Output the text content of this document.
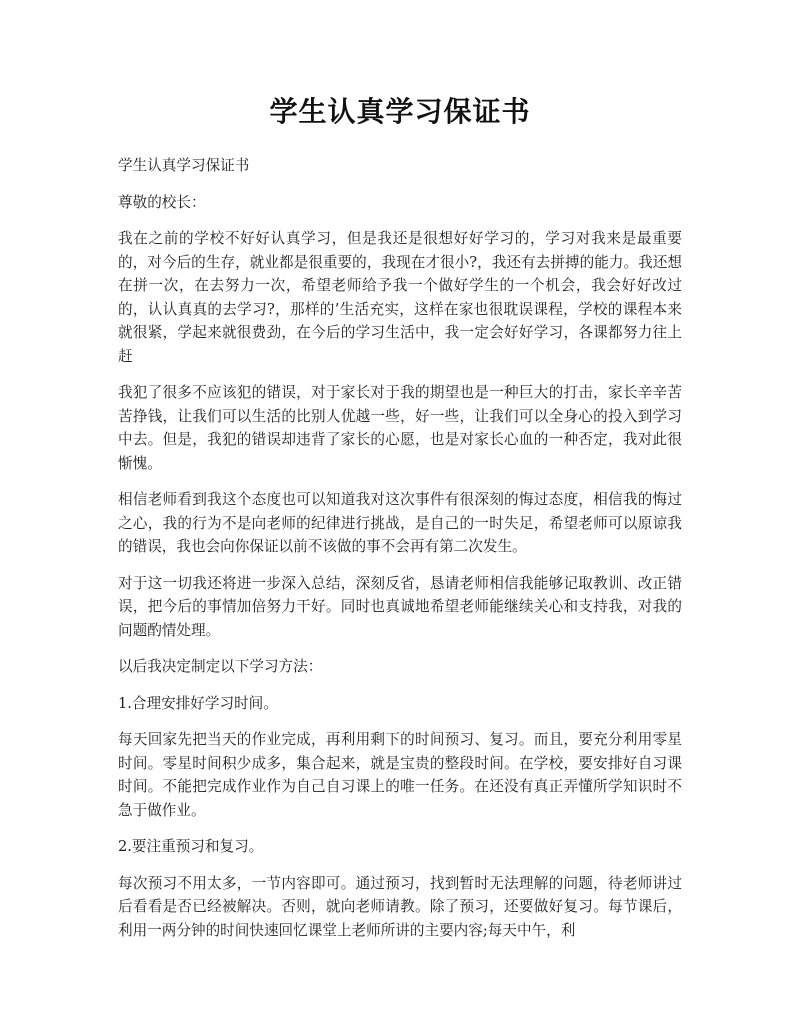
学生认真学习保证书

学生认真学习保证书

尊敬的校长：

我在之前的学校不好好认真学习，但是我还是很想好好学习的，学习对我来是最重要的，对今后的生存，就业都是很重要的，我现在才很小?，我还有去拼搏的能力。我还想在拼一次，在去努力一次，希望老师给予我一个做好学生的一个机会，我会好好改过的，认认真真的去学习?，那样的’生活充实，这样在家也很耽误课程，学校的课程本来就很紧，学起来就很费劲，在今后的学习生活中，我一定会好好学习，各课都努力往上赶

我犯了很多不应该犯的错误，对于家长对于我的期望也是一种巨大的打击，家长辛辛苦苦挣钱，让我们可以生活的比别人优越一些，好一些，让我们可以全身心的投入到学习中去。但是，我犯的错误却违背了家长的心愿，也是对家长心血的一种否定，我对此很惭愧。

相信老师看到我这个态度也可以知道我对这次事件有很深刻的悔过态度，相信我的悔过之心，我的行为不是向老师的纪律进行挑战，是自己的一时失足，希望老师可以原谅我的错误，我也会向你保证以前不该做的事不会再有第二次发生。

对于这一切我还将进一步深入总结，深刻反省，恳请老师相信我能够记取教训、改正错误，把今后的事情加倍努力干好。同时也真诚地希望老师能继续关心和支持我，对我的问题酌情处理。

以后我决定制定以下学习方法：

1.合理安排好学习时间。

每天回家先把当天的作业完成，再利用剩下的时间预习、复习。而且，要充分利用零星时间。零星时间积少成多，集合起来，就是宝贵的整段时间。在学校，要安排好自习课时间。不能把完成作业作为自己自习课上的唯一任务。在还没有真正弄懂所学知识时不急于做作业。

2.要注重预习和复习。

每次预习不用太多，一节内容即可。通过预习，找到暂时无法理解的问题，待老师讲过后看看是否已经被解决。否则，就向老师请教。除了预习，还要做好复习。每节课后，利用一两分钟的时间快速回忆课堂上老师所讲的主要内容;每天中午，利
